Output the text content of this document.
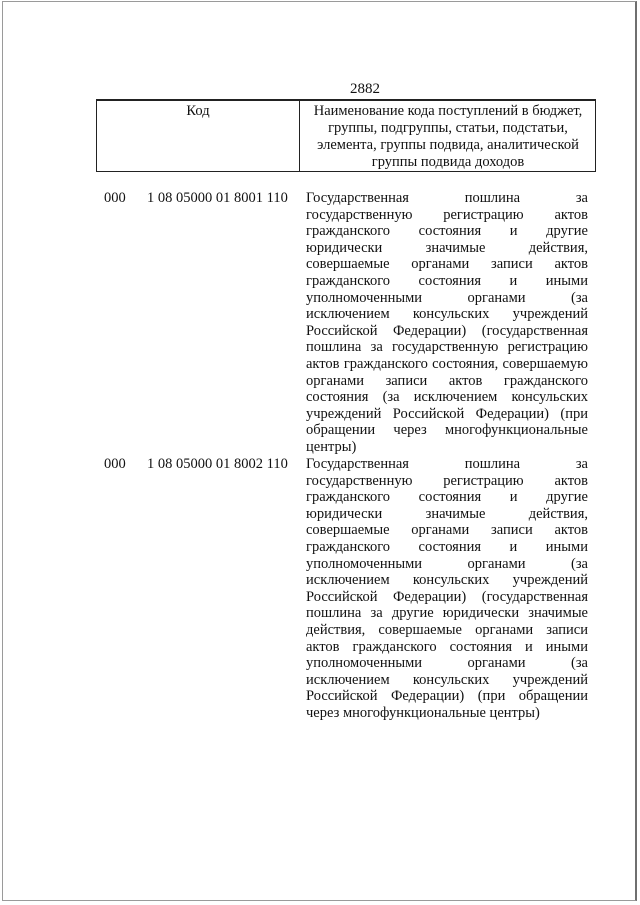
2882
Код	Наименование кода поступлений в бюджет, группы, подгруппы, статьи, подстатьи, элемента, группы подвида, аналитической группы подвида доходов
000 1 08 05000 01 8001 110 Государственная пошлина за государственную регистрацию актов гражданского состояния и другие юридически значимые действия, совершаемые органами записи актов гражданского состояния и иными уполномоченными органами (за исключением консульских учреждений Российской Федерации) (государственная пошлина за государственную регистрацию актов гражданского состояния, совершаемую органами записи актов гражданского состояния (за исключением консульских учреждений Российской Федерации) (при обращении через многофункциональные центры)
000 1 08 05000 01 8002 110 Государственная пошлина за государственную регистрацию актов гражданского состояния и другие юридически значимые действия, совершаемые органами записи актов гражданского состояния и иными уполномоченными органами (за исключением консульских учреждений Российской Федерации) (государственная пошлина за другие юридически значимые действия, совершаемые органами записи актов гражданского состояния и иными уполномоченными органами (за исключением консульских учреждений Российской Федерации) (при обращении через многофункциональные центры)
